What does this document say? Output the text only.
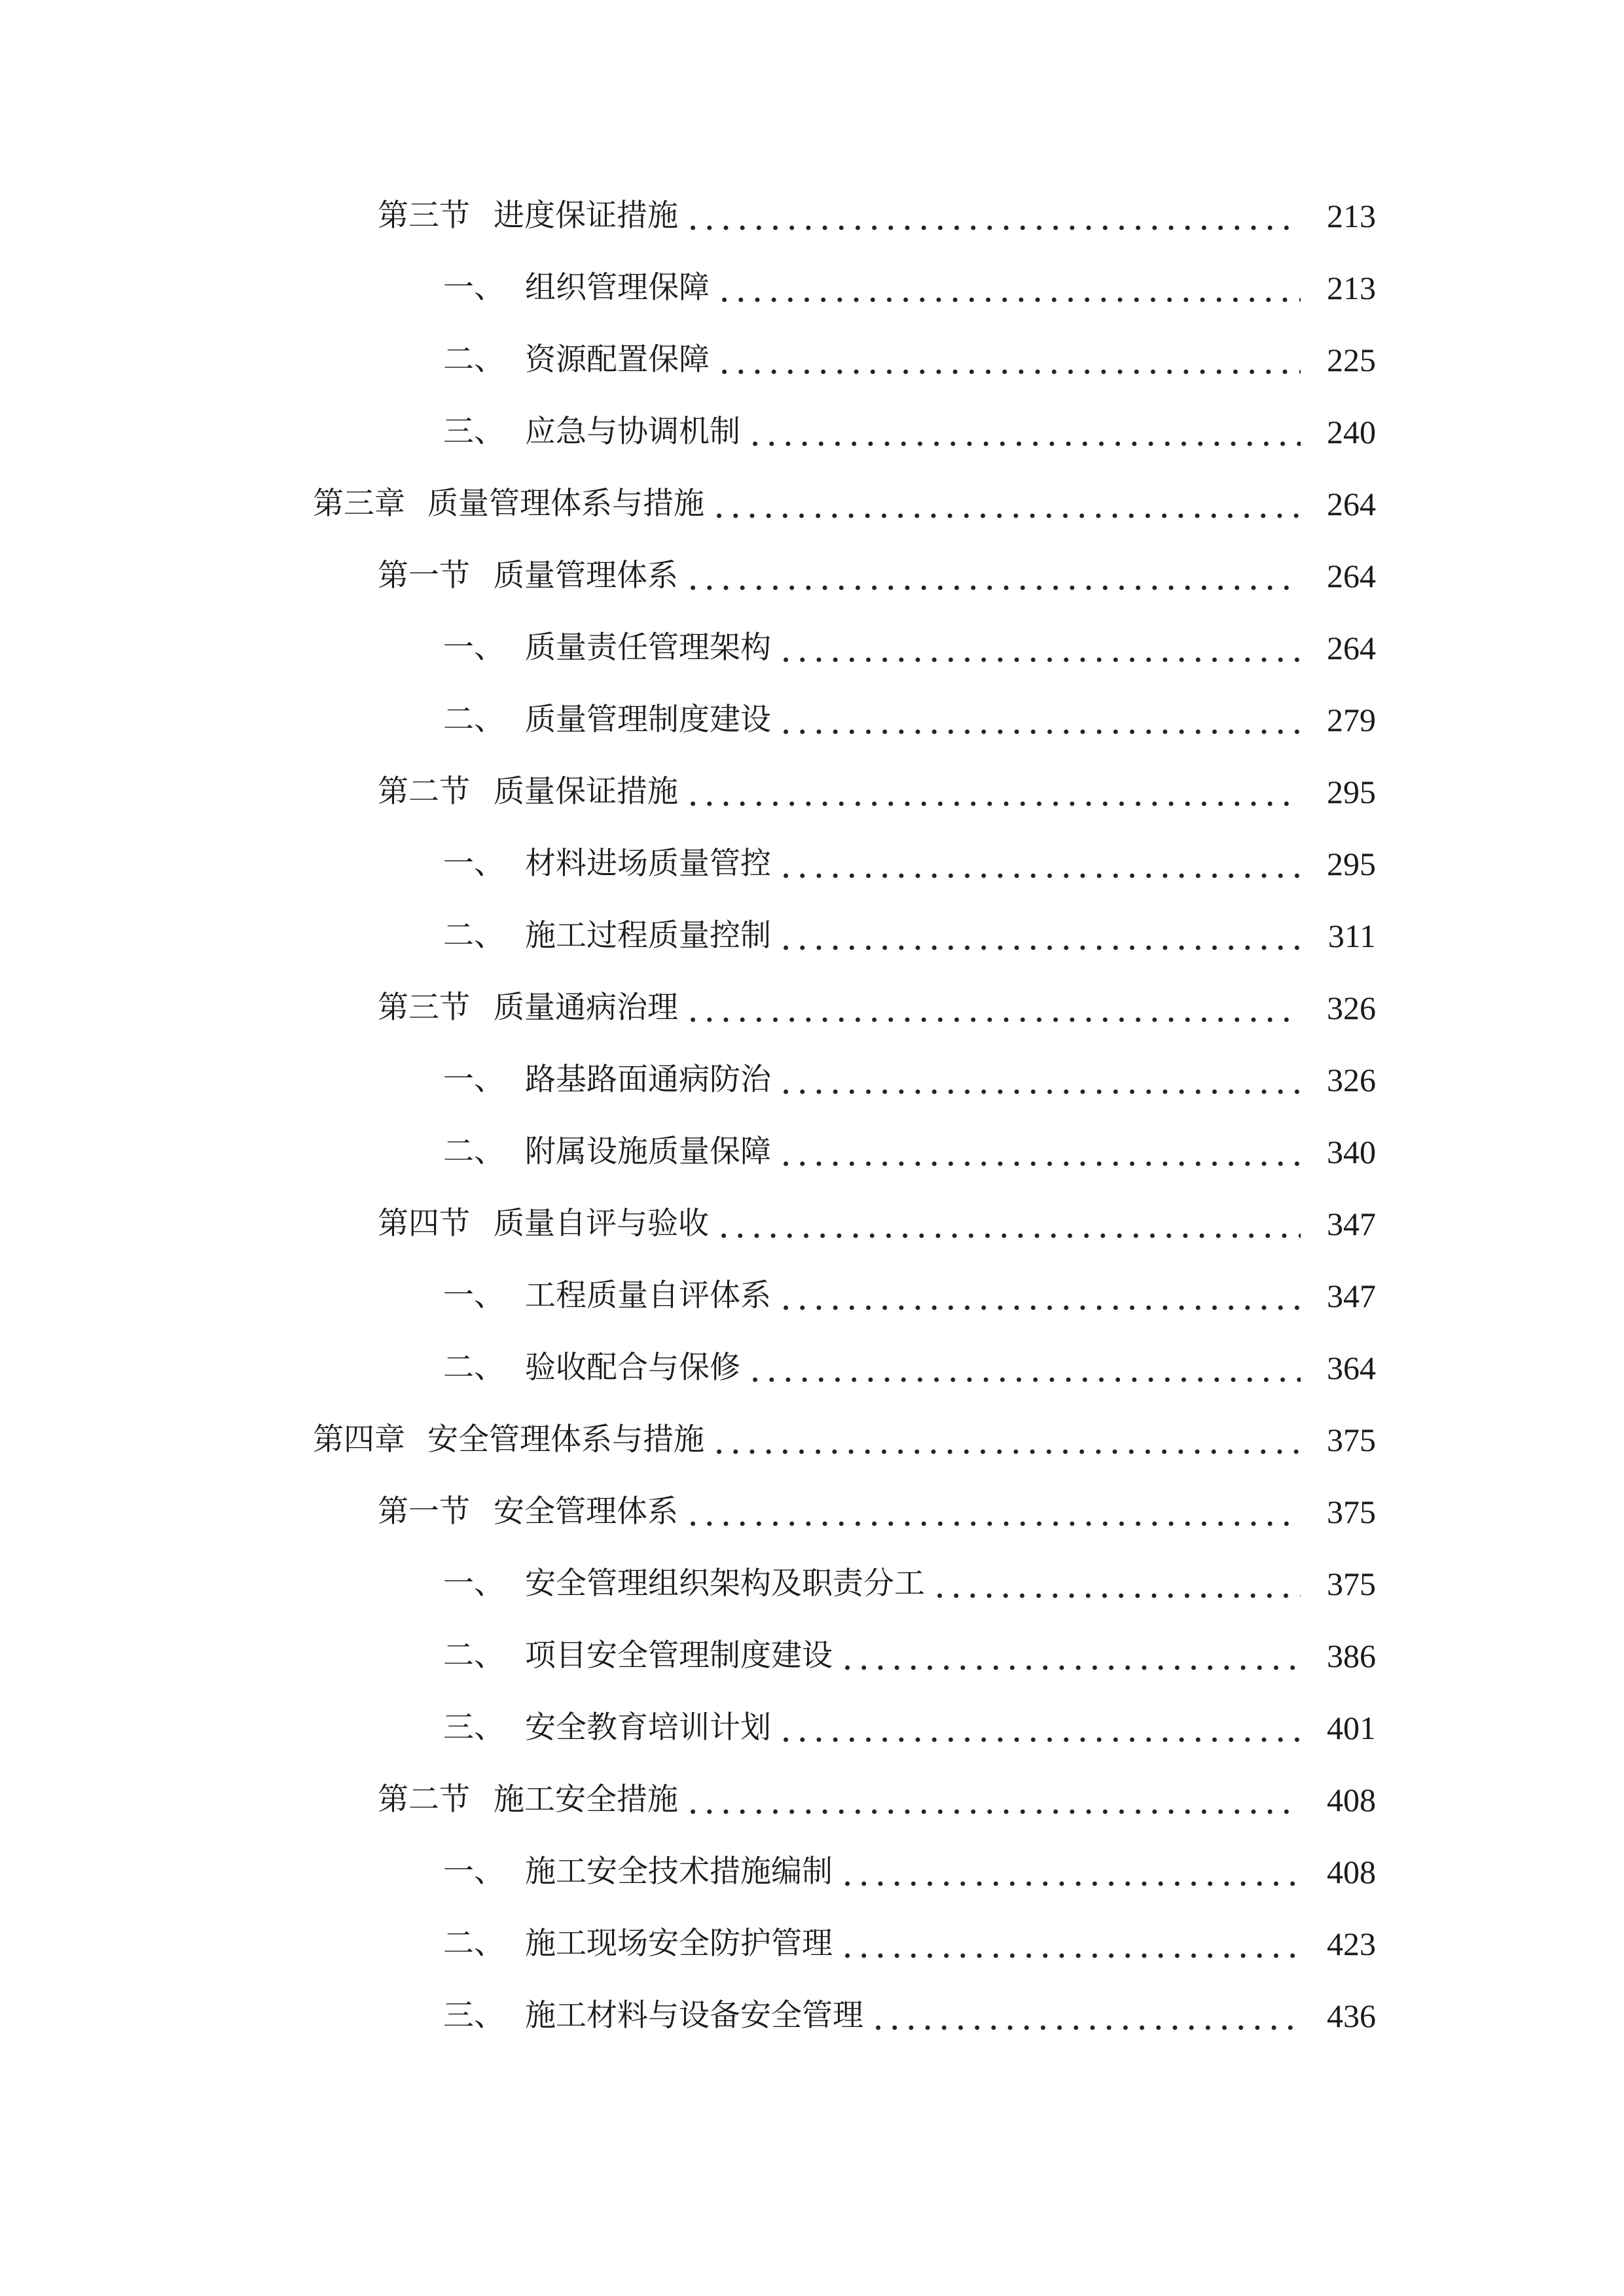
第三节 进度保证措施	213
一、 组织管理保障	213
二、 资源配置保障	225
三、 应急与协调机制	240
第三章 质量管理体系与措施	264
第一节 质量管理体系	264
一、 质量责任管理架构	264
二、 质量管理制度建设	279
第二节 质量保证措施	295
一、 材料进场质量管控	295
二、 施工过程质量控制	311
第三节 质量通病治理	326
一、 路基路面通病防治	326
二、 附属设施质量保障	340
第四节 质量自评与验收	347
一、 工程质量自评体系	347
二、 验收配合与保修	364
第四章 安全管理体系与措施	375
第一节 安全管理体系	375
一、 安全管理组织架构及职责分工	375
二、 项目安全管理制度建设	386
三、 安全教育培训计划	401
第二节 施工安全措施	408
一、 施工安全技术措施编制	408
二、 施工现场安全防护管理	423
三、 施工材料与设备安全管理	436
